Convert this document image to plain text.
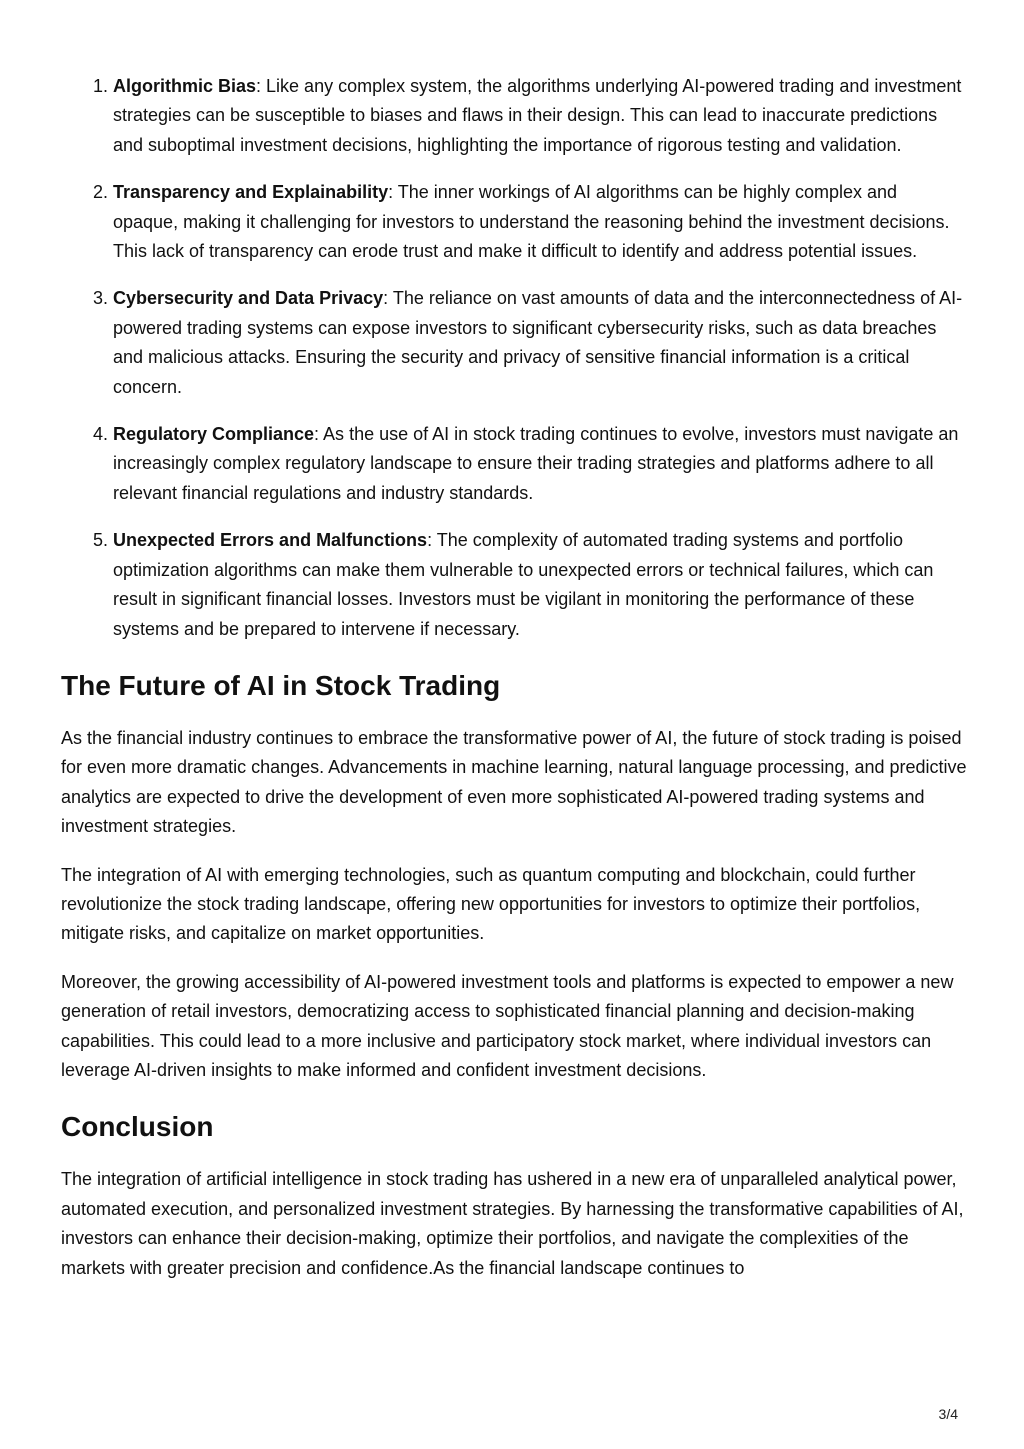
1. Algorithmic Bias: Like any complex system, the algorithms underlying AI-powered trading and investment strategies can be susceptible to biases and flaws in their design. This can lead to inaccurate predictions and suboptimal investment decisions, highlighting the importance of rigorous testing and validation.
2. Transparency and Explainability: The inner workings of AI algorithms can be highly complex and opaque, making it challenging for investors to understand the reasoning behind the investment decisions. This lack of transparency can erode trust and make it difficult to identify and address potential issues.
3. Cybersecurity and Data Privacy: The reliance on vast amounts of data and the interconnectedness of AI-powered trading systems can expose investors to significant cybersecurity risks, such as data breaches and malicious attacks. Ensuring the security and privacy of sensitive financial information is a critical concern.
4. Regulatory Compliance: As the use of AI in stock trading continues to evolve, investors must navigate an increasingly complex regulatory landscape to ensure their trading strategies and platforms adhere to all relevant financial regulations and industry standards.
5. Unexpected Errors and Malfunctions: The complexity of automated trading systems and portfolio optimization algorithms can make them vulnerable to unexpected errors or technical failures, which can result in significant financial losses. Investors must be vigilant in monitoring the performance of these systems and be prepared to intervene if necessary.
The Future of AI in Stock Trading

As the financial industry continues to embrace the transformative power of AI, the future of stock trading is poised for even more dramatic changes. Advancements in machine learning, natural language processing, and predictive analytics are expected to drive the development of even more sophisticated AI-powered trading systems and investment strategies.

The integration of AI with emerging technologies, such as quantum computing and blockchain, could further revolutionize the stock trading landscape, offering new opportunities for investors to optimize their portfolios, mitigate risks, and capitalize on market opportunities.

Moreover, the growing accessibility of AI-powered investment tools and platforms is expected to empower a new generation of retail investors, democratizing access to sophisticated financial planning and decision-making capabilities. This could lead to a more inclusive and participatory stock market, where individual investors can leverage AI-driven insights to make informed and confident investment decisions.

Conclusion

The integration of artificial intelligence in stock trading has ushered in a new era of unparalleled analytical power, automated execution, and personalized investment strategies. By harnessing the transformative capabilities of AI, investors can enhance their decision-making, optimize their portfolios, and navigate the complexities of the markets with greater precision and confidence.As the financial landscape continues to

3/4
